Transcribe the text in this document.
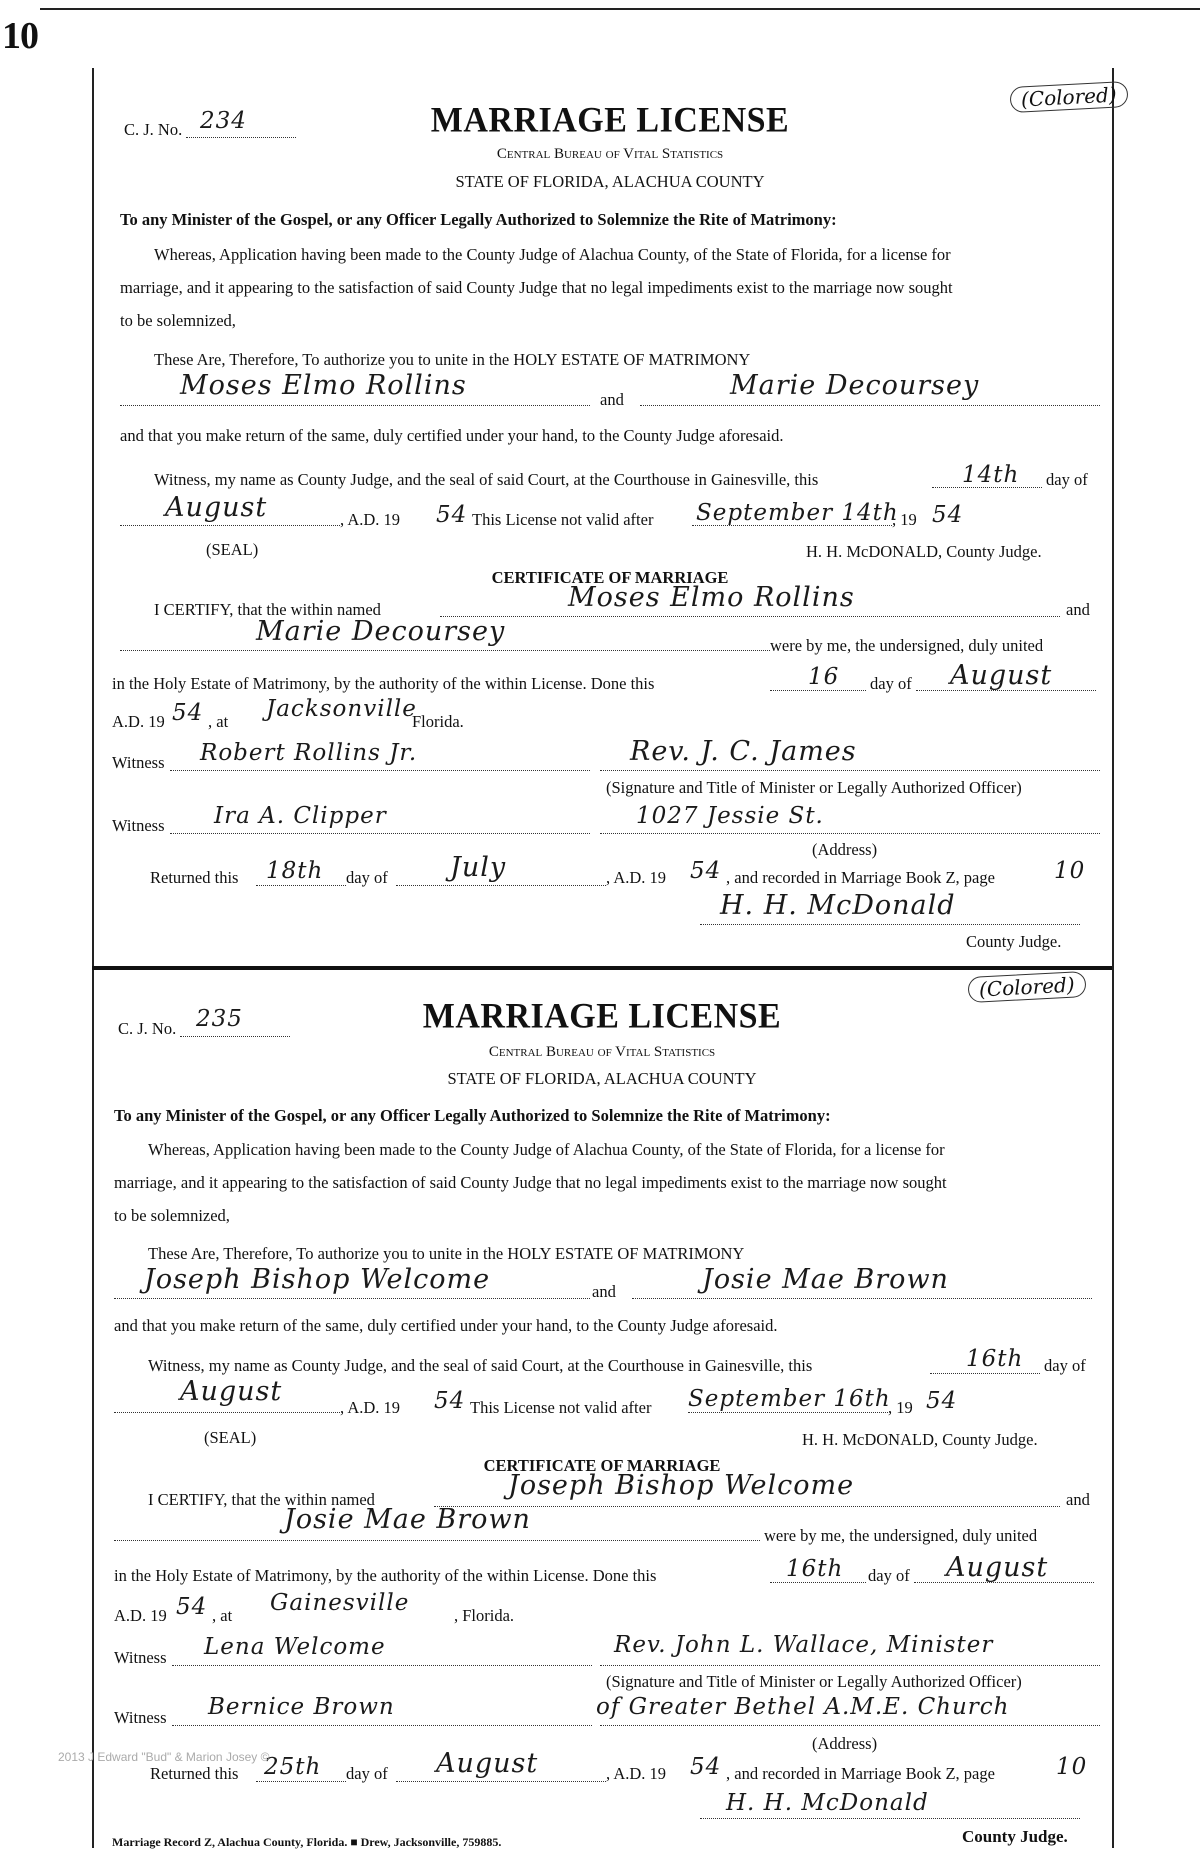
10
C. J. No. 234
(Colored)
MARRIAGE LICENSE
Central Bureau of Vital Statistics
STATE OF FLORIDA, ALACHUA COUNTY
To any Minister of the Gospel, or any Officer Legally Authorized to Solemnize the Rite of Matrimony:
Whereas, Application having been made to the County Judge of Alachua County, of the State of Florida, for a license for
marriage, and it appearing to the satisfaction of said County Judge that no legal impediments exist to the marriage now sought
to be solemnized,
These Are, Therefore, To authorize you to unite in the HOLY ESTATE OF MATRIMONY
Moses Elmo Rollins	and	Marie Decoursey
and that you make return of the same, duly certified under your hand, to the County Judge aforesaid.
Witness, my name as County Judge, and the seal of said Court, at the Courthouse in Gainesville, this	14th day of
August	, A.D. 19 54 This License not valid after September 14th
, 19 54
(SEAL)	H. H. McDONALD, County Judge.
CERTIFICATE OF MARRIAGE
I CERTIFY, that the within named	Moses Elmo Rollins	and
Marie Decoursey	were by me, the undersigned, duly united
in the Holy Estate of Matrimony, by the authority of the within License. Done this	16 day of August
A.D. 19 54 , at Jacksonville
Florida.
Witness Robert Rollins Jr.	Rev. J. C. James
(Signature and Title of Minister or Legally Authorized Officer)
Witness Ira A. Clipper	1027 Jessie St.
(Address)
Returned this 18th day of July	, A.D. 19 54 , and recorded in Marriage Book Z, page	10
H. H. McDonald
County Judge.
C. J. No. 235
(Colored)
MARRIAGE LICENSE
Central Bureau of Vital Statistics
STATE OF FLORIDA, ALACHUA COUNTY
To any Minister of the Gospel, or any Officer Legally Authorized to Solemnize the Rite of Matrimony:
Whereas, Application having been made to the County Judge of Alachua County, of the State of Florida, for a license for
marriage, and it appearing to the satisfaction of said County Judge that no legal impediments exist to the marriage now sought
to be solemnized,
These Are, Therefore, To authorize you to unite in the HOLY ESTATE OF MATRIMONY
Joseph Bishop Welcome	and	Josie Mae Brown
and that you make return of the same, duly certified under your hand, to the County Judge aforesaid.
Witness, my name as County Judge, and the seal of said Court, at the Courthouse in Gainesville, this	16th day of
August
, A.D. 19 54 This License not valid after September 16th
, 19 54
(SEAL)	H. H. McDONALD, County Judge.
CERTIFICATE OF MARRIAGE
I CERTIFY, that the within named	Joseph Bishop Welcome	and
Josie Mae Brown
were by me, the undersigned, duly united
in the Holy Estate of Matrimony, by the authority of the within License. Done this	16th day of August
A.D. 19 54 , at Gainesville	, Florida.
Witness Lena Welcome	Rev. John L. Wallace, Minister
(Signature and Title of Minister or Legally Authorized Officer)
Witness Bernice Brown	of Greater Bethel A.M.E. Church
(Address)
Returned this 25th day of August	, A.D. 19 54 , and recorded in Marriage Book Z, page	10
H. H. McDonald
County Judge.
2013 J Edward "Bud" & Marion Josey ©
Marriage Record Z, Alachua County, Florida. ■ Drew, Jacksonville, 759885.
